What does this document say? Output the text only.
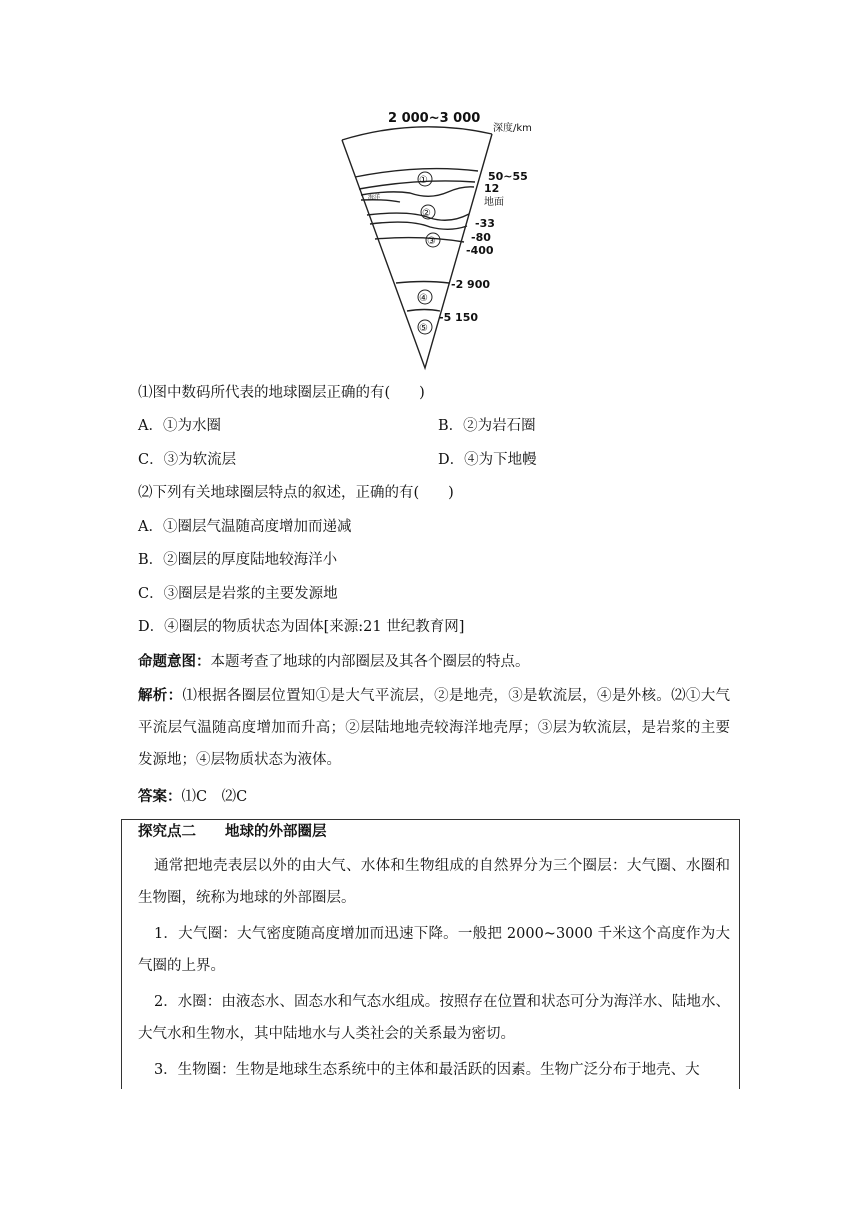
2 000~3 000
深度/km
50~55
12
地面
-33
-80
-400
-2 900
-5 150
海洋
①
②
③
④
⑤
⑴图中数码所代表的地球圈层正确的有(　　)
A．①为水圈	B．②为岩石圈
C．③为软流层	D．④为下地幔
⑵下列有关地球圈层特点的叙述，正确的有(　　)
A．①圈层气温随高度增加而递减
B．②圈层的厚度陆地较海洋小
C．③圈层是岩浆的主要发源地
D．④圈层的物质状态为固体[来源:21 世纪教育网]
命题意图：本题考查了地球的内部圈层及其各个圈层的特点。
解析：⑴根据各圈层位置知①是大气平流层，②是地壳，③是软流层，④是外核。⑵①大气平流层气温随高度增加而升高；②层陆地地壳较海洋地壳厚；③层为软流层，是岩浆的主要发源地；④层物质状态为液体。
答案：⑴C　⑵C
探究点二　　地球的外部圈层
通常把地壳表层以外的由大气、水体和生物组成的自然界分为三个圈层：大气圈、水圈和生物圈，统称为地球的外部圈层。
1．大气圈：大气密度随高度增加而迅速下降。一般把 2000~3000 千米这个高度作为大气圈的上界。
2．水圈：由液态水、固态水和气态水组成。按照存在位置和状态可分为海洋水、陆地水、大气水和生物水，其中陆地水与人类社会的关系最为密切。
3．生物圈：生物是地球生态系统中的主体和最活跃的因素。生物广泛分布于地壳、大
